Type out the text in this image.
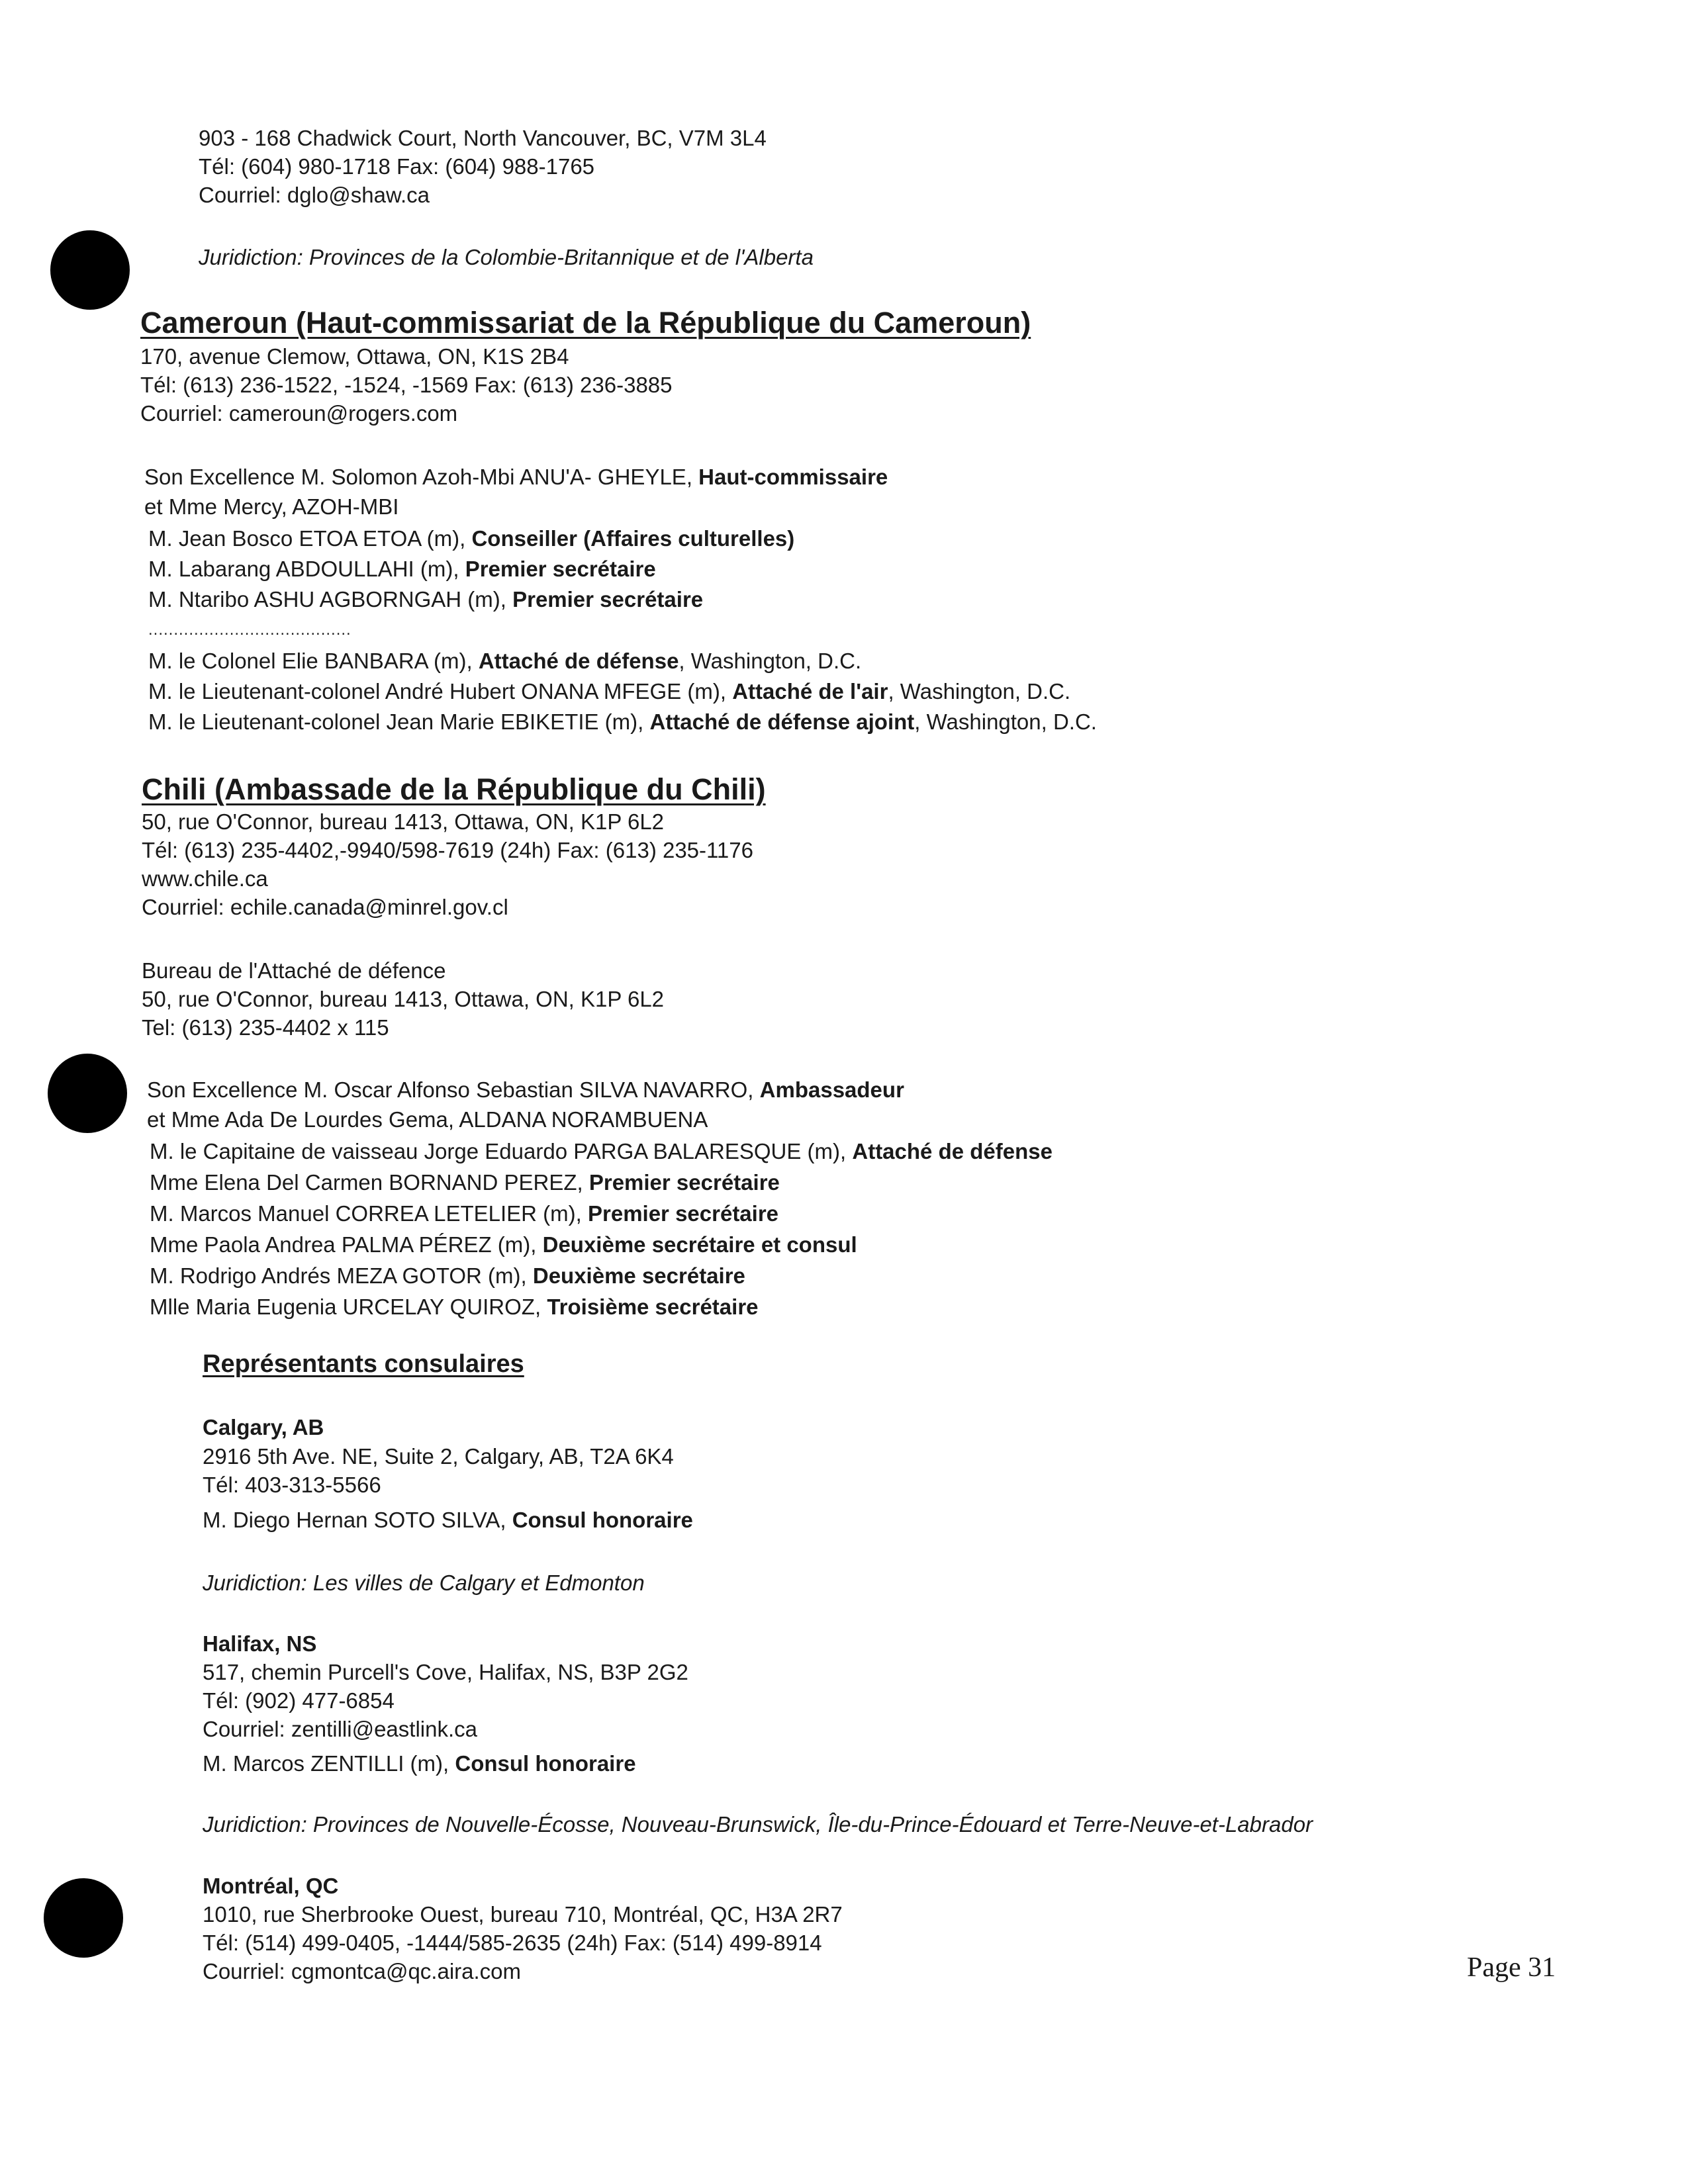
903 - 168 Chadwick Court, North Vancouver, BC, V7M 3L4
Tél: (604) 980-1718 Fax: (604) 988-1765
Courriel: dglo@shaw.ca
Juridiction: Provinces de la Colombie-Britannique et de l'Alberta
Cameroun (Haut-commissariat de la République du Cameroun)
170, avenue Clemow, Ottawa, ON, K1S 2B4
Tél: (613) 236-1522, -1524, -1569 Fax: (613) 236-3885
Courriel: cameroun@rogers.com
Son Excellence M. Solomon Azoh-Mbi ANU'A- GHEYLE, Haut-commissaire
et Mme Mercy, AZOH-MBI
M. Jean Bosco ETOA ETOA (m), Conseiller (Affaires culturelles)
M. Labarang ABDOULLAHI (m), Premier secrétaire
M. Ntaribo ASHU AGBORNGAH (m), Premier secrétaire
........................................
M. le Colonel Elie BANBARA (m), Attaché de défense, Washington, D.C.
M. le Lieutenant-colonel André Hubert ONANA MFEGE (m), Attaché de l'air, Washington, D.C.
M. le Lieutenant-colonel Jean Marie EBIKETIE (m), Attaché de défense ajoint, Washington, D.C.
Chili (Ambassade de la République du Chili)
50, rue O'Connor, bureau 1413, Ottawa, ON, K1P 6L2
Tél: (613) 235-4402,-9940/598-7619 (24h) Fax: (613) 235-1176
www.chile.ca
Courriel: echile.canada@minrel.gov.cl
Bureau de l'Attaché de défence
50, rue O'Connor, bureau 1413, Ottawa, ON, K1P 6L2
Tel: (613) 235-4402 x 115
Son Excellence M. Oscar Alfonso Sebastian SILVA NAVARRO, Ambassadeur
et Mme Ada De Lourdes Gema, ALDANA NORAMBUENA
M. le Capitaine de vaisseau Jorge Eduardo PARGA BALARESQUE (m), Attaché de défense
Mme Elena Del Carmen BORNAND PEREZ, Premier secrétaire
M. Marcos Manuel CORREA LETELIER (m), Premier secrétaire
Mme Paola Andrea PALMA PÉREZ (m), Deuxième secrétaire et consul
M. Rodrigo Andrés MEZA GOTOR (m), Deuxième secrétaire
Mlle Maria Eugenia URCELAY QUIROZ, Troisième secrétaire
Représentants consulaires
Calgary, AB
2916 5th Ave. NE, Suite 2, Calgary, AB, T2A 6K4
Tél: 403-313-5566
M. Diego Hernan SOTO SILVA, Consul honoraire
Juridiction: Les villes de Calgary et Edmonton
Halifax, NS
517, chemin Purcell's Cove, Halifax, NS, B3P 2G2
Tél: (902) 477-6854
Courriel: zentilli@eastlink.ca
M. Marcos ZENTILLI (m), Consul honoraire
Juridiction: Provinces de Nouvelle-Écosse, Nouveau-Brunswick, Île-du-Prince-Édouard et Terre-Neuve-et-Labrador
Montréal, QC
1010, rue Sherbrooke Ouest, bureau 710, Montréal, QC, H3A 2R7
Tél: (514) 499-0405, -1444/585-2635 (24h) Fax: (514) 499-8914
Courriel: cgmontca@qc.aira.com	Page 31
